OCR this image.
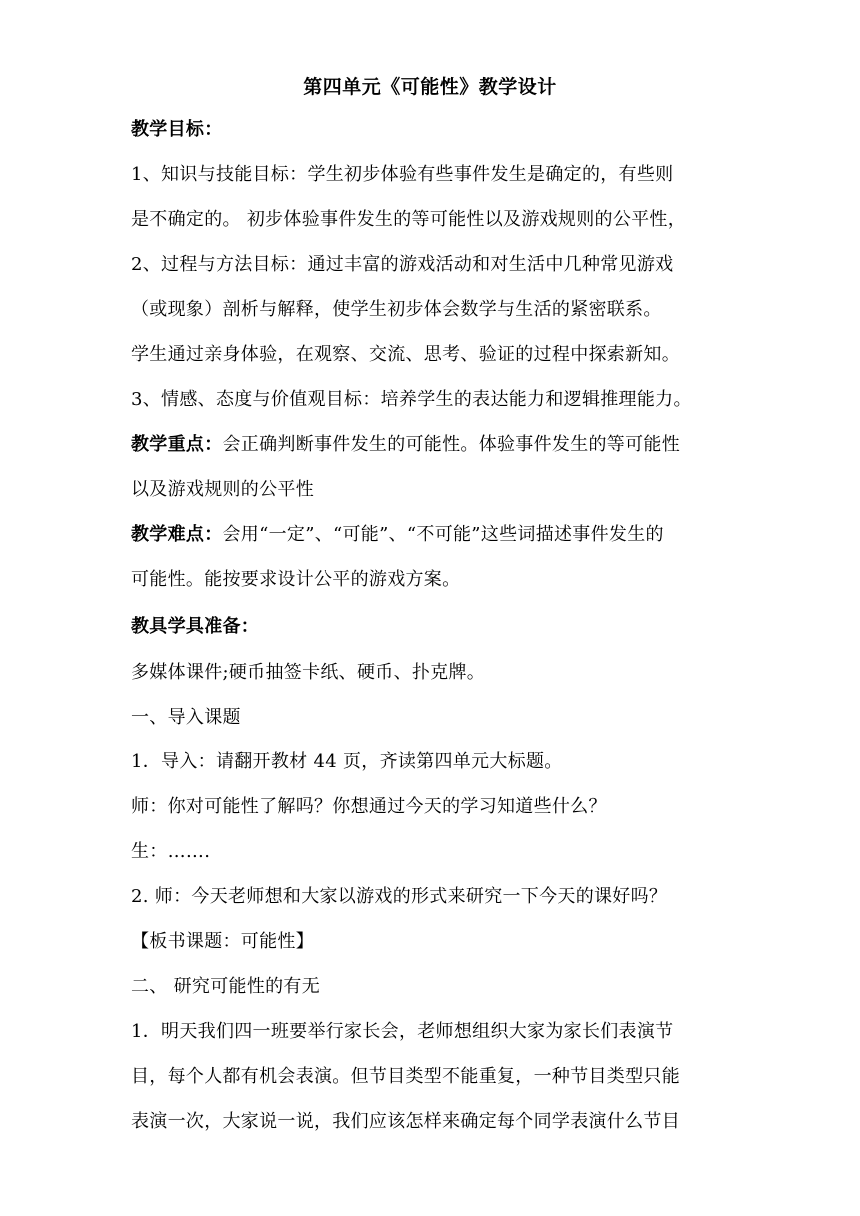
第四单元《可能性》教学设计
教学目标：
1、知识与技能目标：学生初步体验有些事件发生是确定的，有些则
是不确定的。 初步体验事件发生的等可能性以及游戏规则的公平性，
2、过程与方法目标：通过丰富的游戏活动和对生活中几种常见游戏
（或现象）剖析与解释，使学生初步体会数学与生活的紧密联系。
学生通过亲身体验，在观察、交流、思考、验证的过程中探索新知。
3、情感、态度与价值观目标：培养学生的表达能力和逻辑推理能力。
教学重点：会正确判断事件发生的可能性。体验事件发生的等可能性
以及游戏规则的公平性
教学难点：会用“一定”、“可能”、“不可能”这些词描述事件发生的
可能性。能按要求设计公平的游戏方案。
教具学具准备：
多媒体课件;硬币抽签卡纸、硬币、扑克牌。
一、导入课题
1．导入：请翻开教材 44 页，齐读第四单元大标题。
师：你对可能性了解吗？你想通过今天的学习知道些什么？
生：…….
2. 师：今天老师想和大家以游戏的形式来研究一下今天的课好吗？
【板书课题：可能性】
二、 研究可能性的有无
1．明天我们四一班要举行家长会，老师想组织大家为家长们表演节
目，每个人都有机会表演。但节目类型不能重复，一种节目类型只能
表演一次，大家说一说，我们应该怎样来确定每个同学表演什么节目
